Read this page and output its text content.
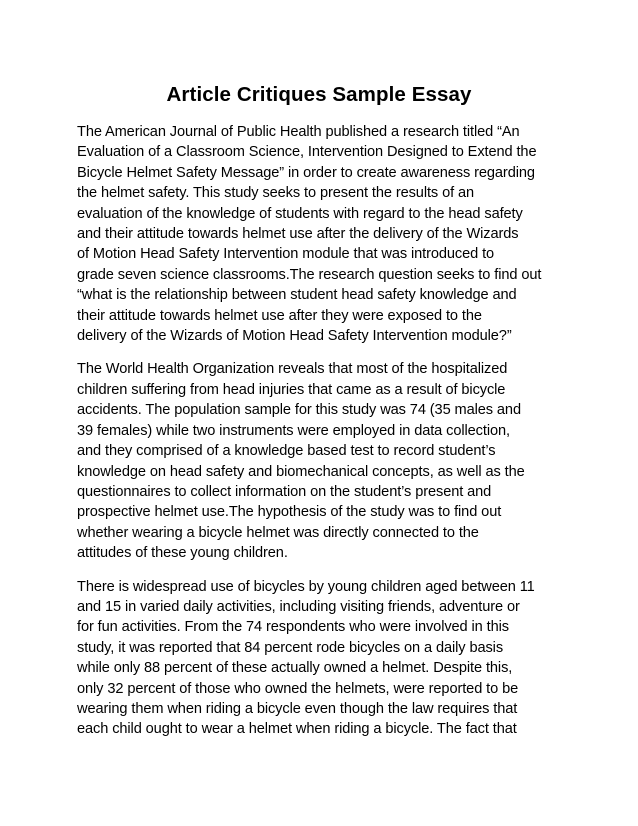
Article Critiques Sample Essay
The American Journal of Public Health published a research titled “An
Evaluation of a Classroom Science, Intervention Designed to Extend the
Bicycle Helmet Safety Message” in order to create awareness regarding
the helmet safety. This study seeks to present the results of an
evaluation of the knowledge of students with regard to the head safety
and their attitude towards helmet use after the delivery of the Wizards
of Motion Head Safety Intervention module that was introduced to
grade seven science classrooms.The research question seeks to find out
“what is the relationship between student head safety knowledge and
their attitude towards helmet use after they were exposed to the
delivery of the Wizards of Motion Head Safety Intervention module?”
The World Health Organization reveals that most of the hospitalized
children suffering from head injuries that came as a result of bicycle
accidents. The population sample for this study was 74 (35 males and
39 females) while two instruments were employed in data collection,
and they comprised of a knowledge based test to record student’s
knowledge on head safety and biomechanical concepts, as well as the
questionnaires to collect information on the student’s present and
prospective helmet use.The hypothesis of the study was to find out
whether wearing a bicycle helmet was directly connected to the
attitudes of these young children.
There is widespread use of bicycles by young children aged between 11
and 15 in varied daily activities, including visiting friends, adventure or
for fun activities. From the 74 respondents who were involved in this
study, it was reported that 84 percent rode bicycles on a daily basis
while only 88 percent of these actually owned a helmet. Despite this,
only 32 percent of those who owned the helmets, were reported to be
wearing them when riding a bicycle even though the law requires that
each child ought to wear a helmet when riding a bicycle. The fact that
